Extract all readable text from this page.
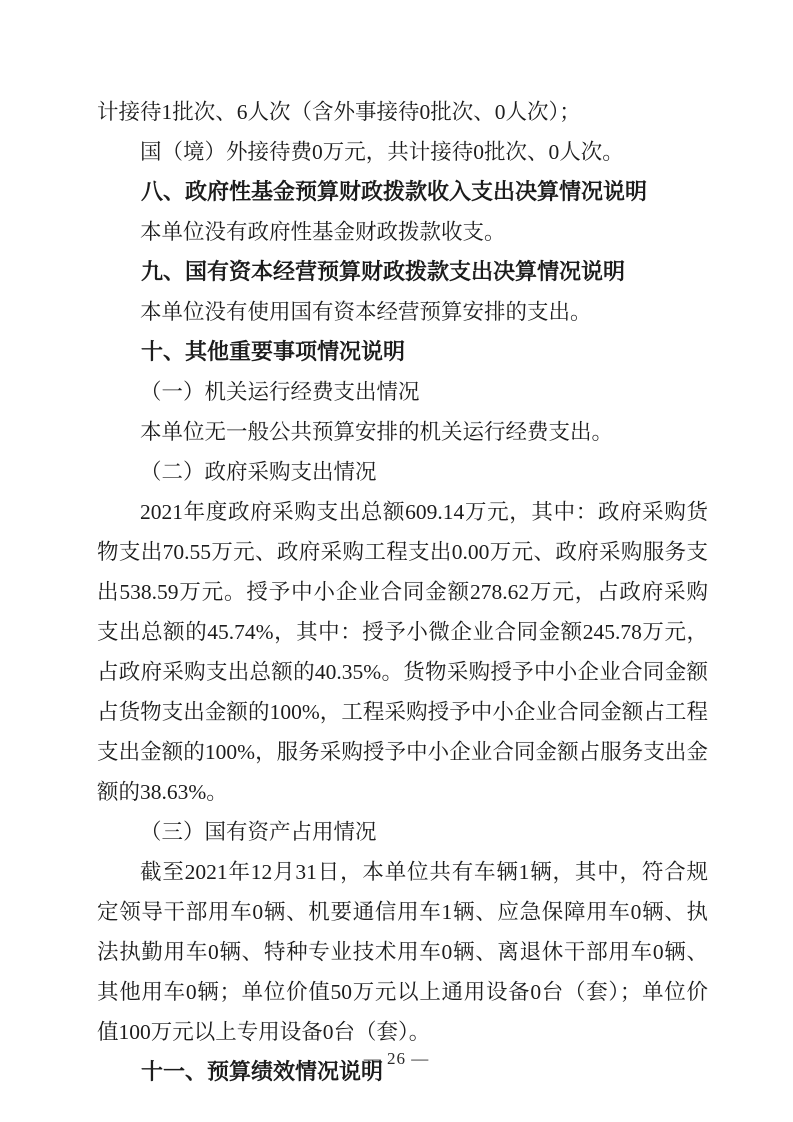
计接待1批次、6人次（含外事接待0批次、0人次）；

国（境）外接待费0万元，共计接待0批次、0人次。

八、政府性基金预算财政拨款收入支出决算情况说明

本单位没有政府性基金财政拨款收支。

九、国有资本经营预算财政拨款支出决算情况说明

本单位没有使用国有资本经营预算安排的支出。

十、其他重要事项情况说明

（一）机关运行经费支出情况

本单位无一般公共预算安排的机关运行经费支出。

（二）政府采购支出情况

2021年度政府采购支出总额609.14万元，其中：政府采购货物支出70.55万元、政府采购工程支出0.00万元、政府采购服务支出538.59万元。授予中小企业合同金额278.62万元，占政府采购支出总额的45.74%，其中：授予小微企业合同金额245.78万元，占政府采购支出总额的40.35%。货物采购授予中小企业合同金额占货物支出金额的100%，工程采购授予中小企业合同金额占工程支出金额的100%，服务采购授予中小企业合同金额占服务支出金额的38.63%。

（三）国有资产占用情况

截至2021年12月31日，本单位共有车辆1辆，其中，符合规定领导干部用车0辆、机要通信用车1辆、应急保障用车0辆、执法执勤用车0辆、特种专业技术用车0辆、离退休干部用车0辆、其他用车0辆；单位价值50万元以上通用设备0台（套）；单位价值100万元以上专用设备0台（套）。

十一、预算绩效情况说明

— 26 —
